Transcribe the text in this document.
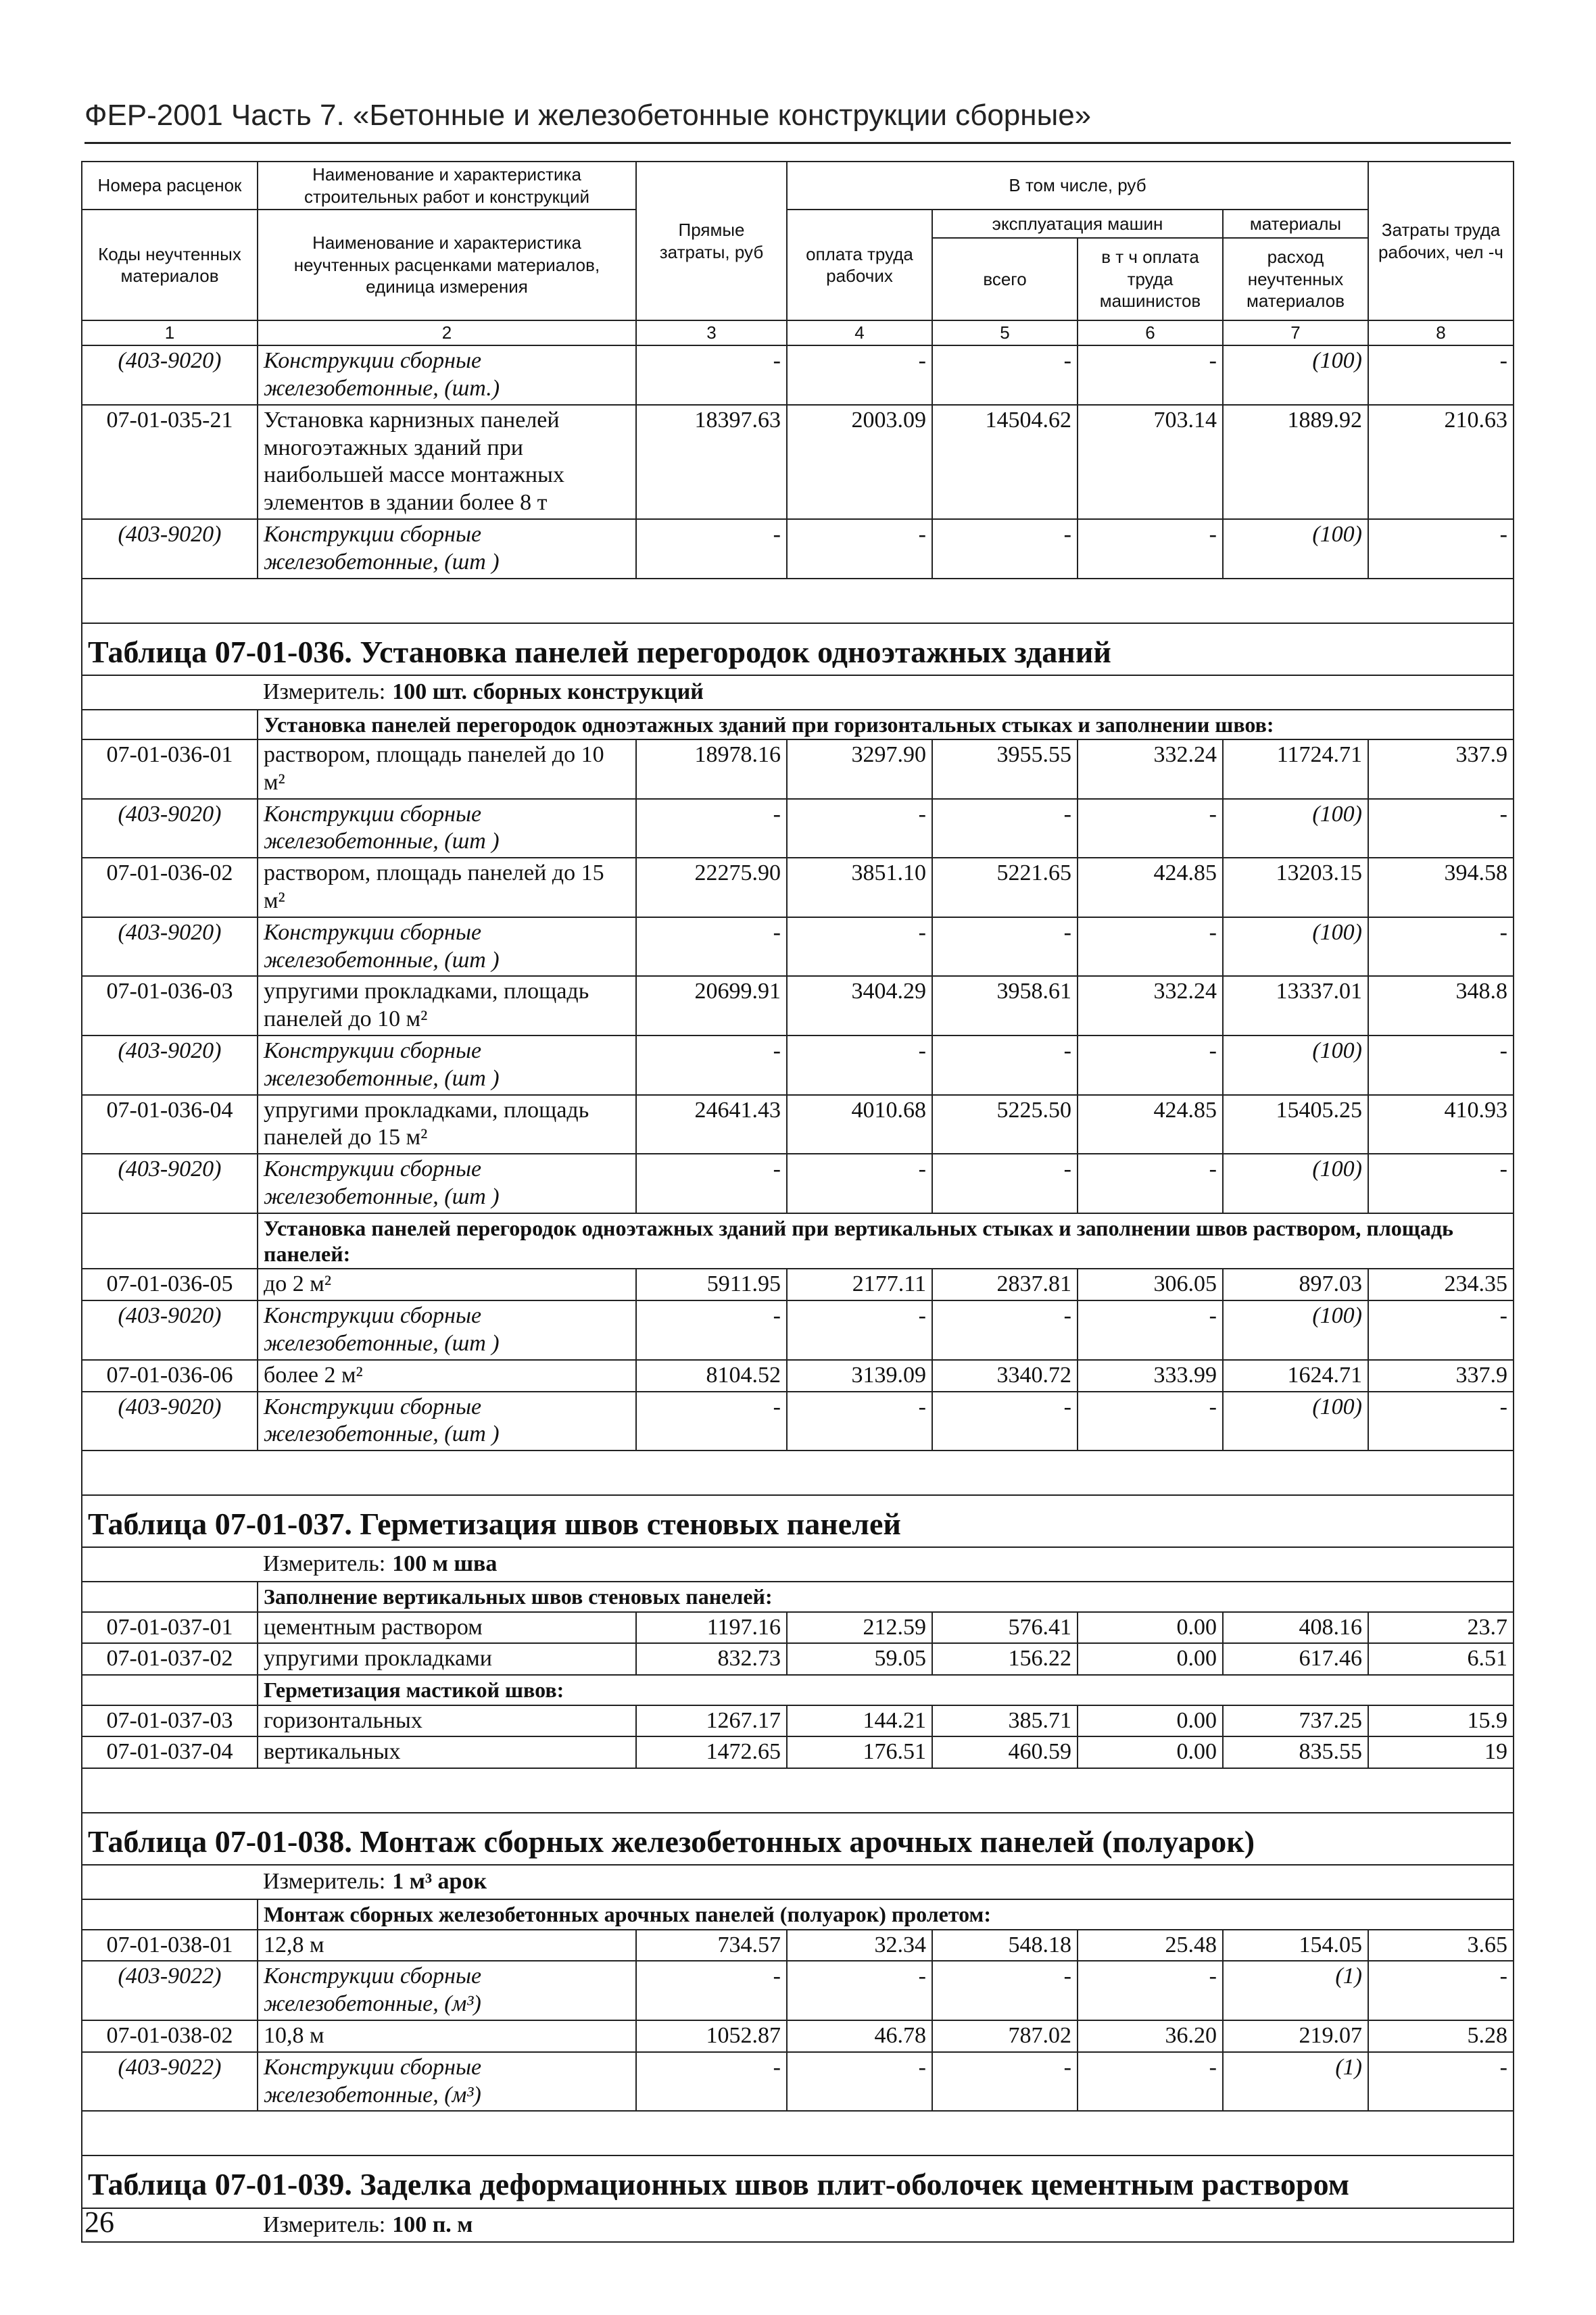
ФЕР-2001 Часть 7. «Бетонные и железобетонные конструкции сборные»
Номера расценок	Наименование и характеристика строительных работ и конструкций	Прямые затраты, руб	В том числе, руб				Затраты труда рабочих, чел -ч
Коды неучтенных материалов	Наименование и характеристика неучтенных расценками материалов, единица измерения		оплата труда рабочих	эксплуатация машин		материалы	
				всего	в т ч оплата труда машинистов	расход неучтенных материалов	
1	2	3	4	5	6	7	8
(403-9020)	Конструкции сборные железобетонные, (шт.)	-	-	-	-	(100)	-
07-01-035-21	Установка карнизных панелей многоэтажных зданий при наибольшей массе монтажных элементов в здании более 8 т	18397.63	2003.09	14504.62	703.14	1889.92	210.63
(403-9020)	Конструкции сборные железобетонные, (шт )	-	-	-	-	(100)	-

Таблица 07-01-036. Установка панелей перегородок одноэтажных зданий							
	Измеритель: 100 шт. сборных конструкций						
	Установка панелей перегородок одноэтажных зданий при горизонтальных стыках и заполнении швов:						
07-01-036-01	раствором, площадь панелей до 10 м²	18978.16	3297.90	3955.55	332.24	11724.71	337.9
(403-9020)	Конструкции сборные железобетонные, (шт )	-	-	-	-	(100)	-
07-01-036-02	раствором, площадь панелей до 15 м²	22275.90	3851.10	5221.65	424.85	13203.15	394.58
(403-9020)	Конструкции сборные железобетонные, (шт )	-	-	-	-	(100)	-
07-01-036-03	упругими прокладками, площадь панелей до 10 м²	20699.91	3404.29	3958.61	332.24	13337.01	348.8
(403-9020)	Конструкции сборные железобетонные, (шт )	-	-	-	-	(100)	-
07-01-036-04	упругими прокладками, площадь панелей до 15 м²	24641.43	4010.68	5225.50	424.85	15405.25	410.93
(403-9020)	Конструкции сборные железобетонные, (шт )	-	-	-	-	(100)	-
	Установка панелей перегородок одноэтажных зданий при вертикальных стыках и заполнении швов раствором, площадь панелей:						
07-01-036-05	до 2 м²	5911.95	2177.11	2837.81	306.05	897.03	234.35
(403-9020)	Конструкции сборные железобетонные, (шт )	-	-	-	-	(100)	-
07-01-036-06	более 2 м²	8104.52	3139.09	3340.72	333.99	1624.71	337.9
(403-9020)	Конструкции сборные железобетонные, (шт )	-	-	-	-	(100)	-

Таблица 07-01-037. Герметизация швов стеновых панелей							
	Измеритель: 100 м шва						
	Заполнение вертикальных швов стеновых панелей:						
07-01-037-01	цементным раствором	1197.16	212.59	576.41	0.00	408.16	23.7
07-01-037-02	упругими прокладками	832.73	59.05	156.22	0.00	617.46	6.51
	Герметизация мастикой швов:						
07-01-037-03	горизонтальных	1267.17	144.21	385.71	0.00	737.25	15.9
07-01-037-04	вертикальных	1472.65	176.51	460.59	0.00	835.55	19

Таблица 07-01-038. Монтаж сборных железобетонных арочных панелей (полуарок)							
	Измеритель: 1 м³ арок						
	Монтаж сборных железобетонных арочных панелей (полуарок) пролетом:						
07-01-038-01	12,8 м	734.57	32.34	548.18	25.48	154.05	3.65
(403-9022)	Конструкции сборные железобетонные, (м³)	-	-	-	-	(1)	-
07-01-038-02	10,8 м	1052.87	46.78	787.02	36.20	219.07	5.28
(403-9022)	Конструкции сборные железобетонные, (м³)	-	-	-	-	(1)	-

Таблица 07-01-039. Заделка деформационных швов плит-оболочек цементным раствором							
	Измеритель: 100 п. м						
26
